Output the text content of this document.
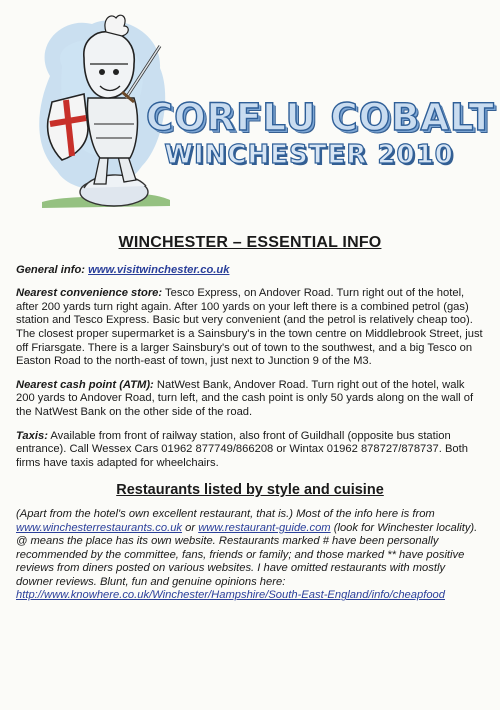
CORFLU COBALT
WINCHESTER 2010
WINCHESTER – ESSENTIAL INFO

General info: www.visitwinchester.co.uk

Nearest convenience store: Tesco Express, on Andover Road. Turn right out of the hotel, after 200 yards turn right again. After 100 yards on your left there is a combined petrol (gas) station and Tesco Express. Basic but very convenient (and the petrol is relatively cheap too). The closest proper supermarket is a Sainsbury's in the town centre on Middlebrook Street, just off Friarsgate. There is a larger Sainsbury's out of town to the southwest, and a big Tesco on Easton Road to the north-east of town, just next to Junction 9 of the M3.

Nearest cash point (ATM): NatWest Bank, Andover Road. Turn right out of the hotel, walk 200 yards to Andover Road, turn left, and the cash point is only 50 yards along on the wall of the NatWest Bank on the other side of the road.

Taxis: Available from front of railway station, also front of Guildhall (opposite bus station entrance). Call Wessex Cars 01962 877749/866208 or Wintax 01962 878727/878737. Both firms have taxis adapted for wheelchairs.

Restaurants listed by style and cuisine

(Apart from the hotel's own excellent restaurant, that is.) Most of the info here is from www.winchesterrestaurants.co.uk or www.restaurant-guide.com (look for Winchester locality). @ means the place has its own website. Restaurants marked # have been personally recommended by the committee, fans, friends or family; and those marked ** have positive reviews from diners posted on various websites. I have omitted restaurants with mostly downer reviews. Blunt, fun and genuine opinions here: http://www.knowhere.co.uk/Winchester/Hampshire/South-East-England/info/cheapfood
